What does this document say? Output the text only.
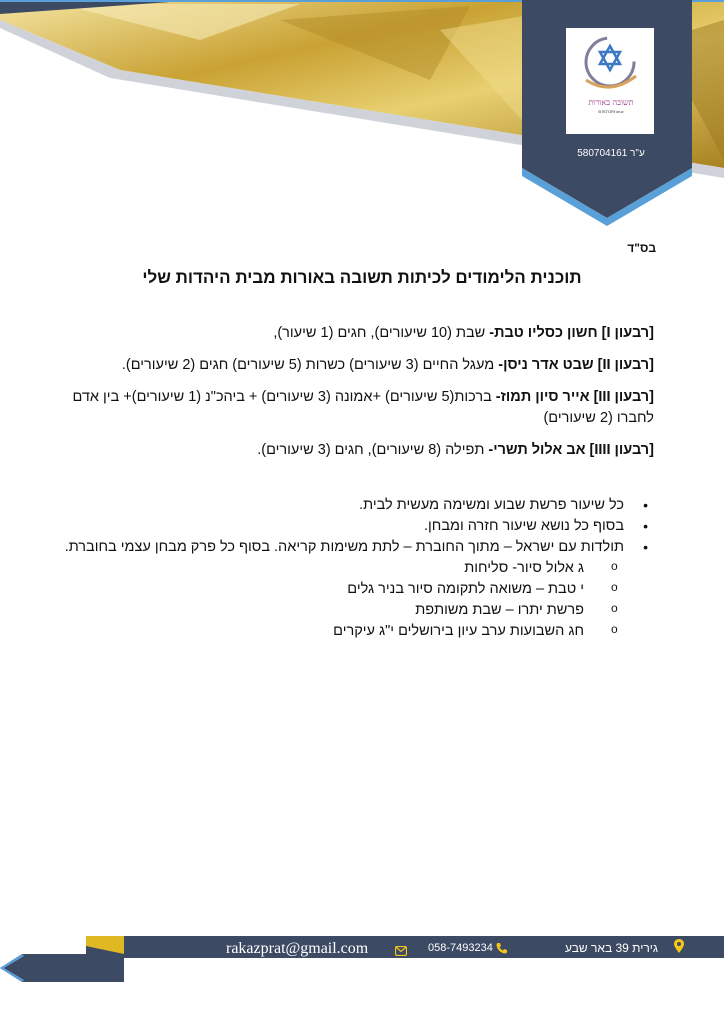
תשובה באורות
B'ISTORI'oruz
ע"ר 580704161
בס"ד
תוכנית הלימודים לכיתות תשובה באורות מבית היהדות שלי

[רבעון I] חשון כסליו טבת- שבת (10 שיעורים), חגים (1 שיעור),

[רבעון II] שבט אדר ניסן- מעגל החיים (3 שיעורים) כשרות (5 שיעורים) חגים (2 שיעורים).

[רבעון III] אייר סיון תמוז- ברכות(5 שיעורים) +אמונה (3 שיעורים) + ביהכ"נ (1 שיעורים)+ בין אדם לחברו (2 שיעורים)

[רבעון IIII] אב אלול תשרי- תפילה (8 שיעורים), חגים (3 שיעורים).

• כל שיעור פרשת שבוע ומשימה מעשית לבית.
• בסוף כל נושא שיעור חזרה ומבחן.
• תולדות עם ישראל – מתוך החוברת – לתת משימות קריאה. בסוף כל פרק מבחן עצמי בחוברת.
o ג אלול סיור- סליחות
o י טבת – משואה לתקומה סיור בניר גלים
o פרשת יתרו – שבת משותפת
o חג השבועות ערב עיון בירושלים י"ג עיקרים
גירית 39 באר שבע
058-7493234
rakazprat@gmail.com
